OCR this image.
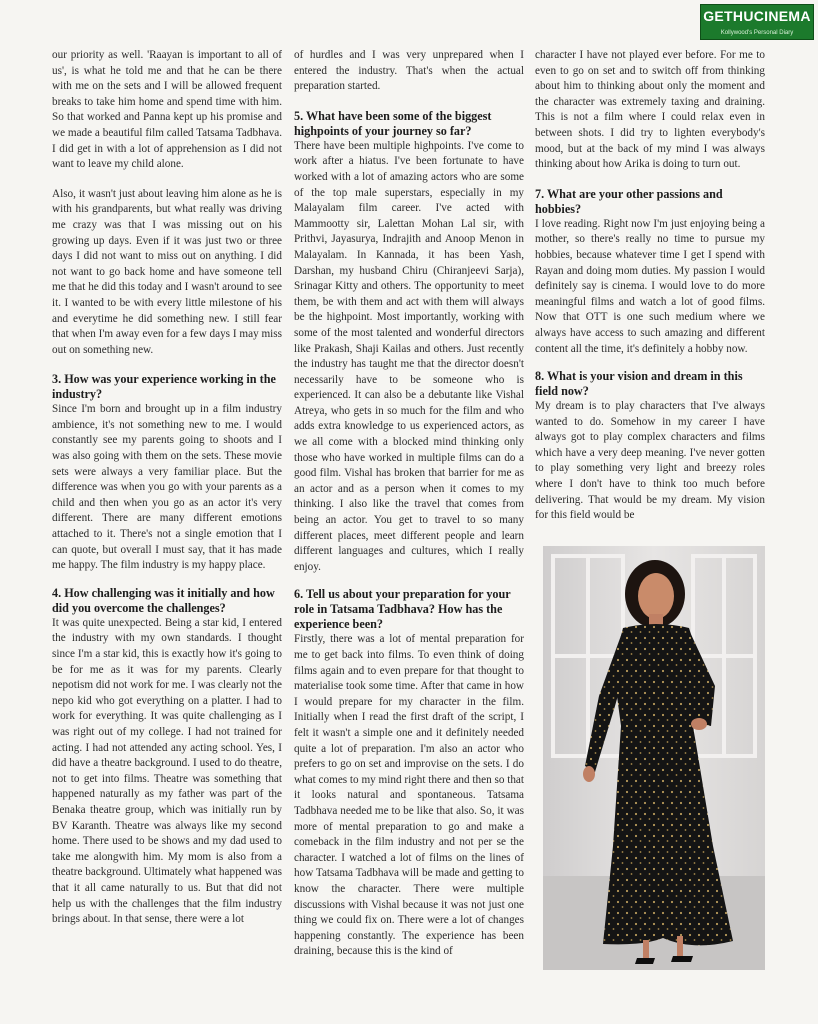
GETHUCINEMA
Kollywood's Personal Diary

our priority as well. 'Raayan is important to all of us', is what he told me and that he can be there with me on the sets and I will be allowed frequent breaks to take him home and spend time with him. So that worked and Panna kept up his promise and we made a beautiful film called Tatsama Tadbhava. I did get in with a lot of apprehension as I did not want to leave my child alone.

Also, it wasn't just about leaving him alone as he is with his grandparents, but what really was driving me crazy was that I was missing out on his growing up days. Even if it was just two or three days I did not want to miss out on anything. I did not want to go back home and have someone tell me that he did this today and I wasn't around to see it. I wanted to be with every little milestone of his and everytime he did something new. I still fear that when I'm away even for a few days I may miss out on something new.

3. How was your experience working in the industry?

Since I'm born and brought up in a film industry ambience, it's not something new to me. I would constantly see my parents going to shoots and I was also going with them on the sets. These movie sets were always a very familiar place. But the difference was when you go with your parents as a child and then when you go as an actor it's very different. There are many different emotions attached to it. There's not a single emotion that I can quote, but overall I must say, that it has made me happy. The film industry is my happy place.

4. How challenging was it initially and how did you overcome the challenges?

It was quite unexpected. Being a star kid, I entered the industry with my own standards. I thought since I'm a star kid, this is exactly how it's going to be for me as it was for my parents. Clearly nepotism did not work for me. I was clearly not the nepo kid who got everything on a platter. I had to work for everything. It was quite challenging as I was right out of my college. I had not trained for acting. I had not attended any acting school. Yes, I did have a theatre background. I used to do theatre, not to get into films. Theatre was something that happened naturally as my father was part of the Benaka theatre group, which was initially run by BV Karanth. Theatre was always like my second home. There used to be shows and my dad used to take me alongwith him. My mom is also from a theatre background. Ultimately what happened was that it all came naturally to us. But that did not help us with the challenges that the film industry brings about. In that sense, there were a lot

of hurdles and I was very unprepared when I entered the industry. That's when the actual preparation started.

5. What have been some of the biggest highpoints of your journey so far?

There have been multiple highpoints. I've come to work after a hiatus. I've been fortunate to have worked with a lot of amazing actors who are some of the top male superstars, especially in my Malayalam film career. I've acted with Mammootty sir, Lalettan Mohan Lal sir, with Prithvi, Jayasurya, Indrajith and Anoop Menon in Malayalam. In Kannada, it has been Yash, Darshan, my husband Chiru (Chiranjeevi Sarja), Srinagar Kitty and others. The opportunity to meet them, be with them and act with them will always be the highpoint. Most importantly, working with some of the most talented and wonderful directors like Prakash, Shaji Kailas and others. Just recently the industry has taught me that the director doesn't necessarily have to be someone who is experienced. It can also be a debutante like Vishal Atreya, who gets in so much for the film and who adds extra knowledge to us experienced actors, as we all come with a blocked mind thinking only those who have worked in multiple films can do a good film. Vishal has broken that barrier for me as an actor and as a person when it comes to my thinking. I also like the travel that comes from being an actor. You get to travel to so many different places, meet different people and learn different languages and cultures, which I really enjoy.

6. Tell us about your preparation for your role in Tatsama Tadbhava? How has the experience been?

Firstly, there was a lot of mental preparation for me to get back into films. To even think of doing films again and to even prepare for that thought to materialise took some time. After that came in how I would prepare for my character in the film. Initially when I read the first draft of the script, I felt it wasn't a simple one and it definitely needed quite a lot of preparation. I'm also an actor who prefers to go on set and improvise on the sets. I do what comes to my mind right there and then so that it looks natural and spontaneous. Tatsama Tadbhava needed me to be like that also. So, it was more of mental preparation to go and make a comeback in the film industry and not per se the character. I watched a lot of films on the lines of how Tatsama Tadbhava will be made and getting to know the character. There were multiple discussions with Vishal because it was not just one thing we could fix on. There were a lot of changes happening constantly. The experience has been draining, because this is the kind of

character I have not played ever before. For me to even to go on set and to switch off from thinking about him to thinking about only the moment and the character was extremely taxing and draining. This is not a film where I could relax even in between shots. I did try to lighten everybody's mood, but at the back of my mind I was always thinking about how Arika is doing to turn out.

7. What are your other passions and hobbies?

I love reading. Right now I'm just enjoying being a mother, so there's really no time to pursue my hobbies, because whatever time I get I spend with Rayan and doing mom duties. My passion I would definitely say is cinema. I would love to do more meaningful films and watch a lot of good films. Now that OTT is one such medium where we always have access to such amazing and different content all the time, it's definitely a hobby now.

8. What is your vision and dream in this field now?

My dream is to play characters that I've always wanted to do. Somehow in my career I have always got to play complex characters and films which have a very deep meaning. I've never gotten to play something very light and breezy roles where I don't have to think too much before delivering. That would be my dream. My vision for this field would be
